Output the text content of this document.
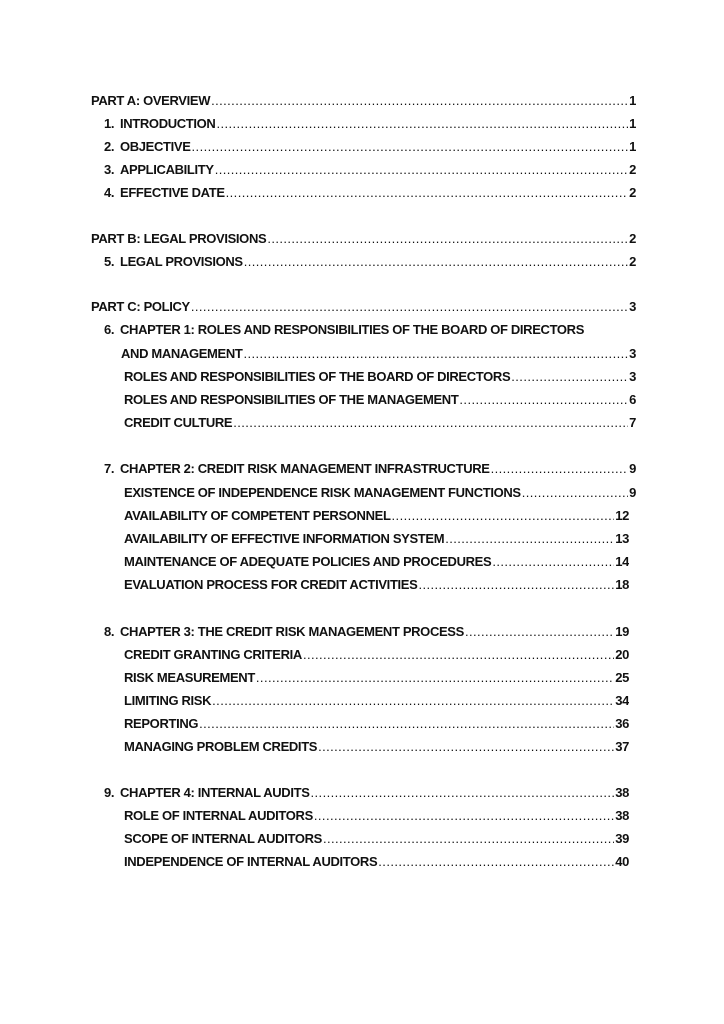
PART A: OVERVIEW .....	1
1. INTRODUCTION .....	1
2. OBJECTIVE .....	1
3. APPLICABILITY .....	2
4. EFFECTIVE DATE .....	2
PART B: LEGAL PROVISIONS .....	2
5. LEGAL PROVISIONS .....	2
PART C: POLICY .....	3
6. CHAPTER 1: ROLES AND RESPONSIBILITIES OF THE BOARD OF DIRECTORS
AND MANAGEMENT .....	3
ROLES AND RESPONSIBILITIES OF THE BOARD OF DIRECTORS .....	3
ROLES AND RESPONSIBILITIES OF THE MANAGEMENT .....	6
CREDIT CULTURE .....	7
7. CHAPTER 2: CREDIT RISK MANAGEMENT INFRASTRUCTURE .....	9
EXISTENCE OF INDEPENDENCE RISK MANAGEMENT FUNCTIONS .....	9
AVAILABILITY OF COMPETENT PERSONNEL .....	12
AVAILABILITY OF EFFECTIVE INFORMATION SYSTEM .....	13
MAINTENANCE OF ADEQUATE POLICIES AND PROCEDURES .....	14
EVALUATION PROCESS FOR CREDIT ACTIVITIES .....	18
8. CHAPTER 3: THE CREDIT RISK MANAGEMENT PROCESS .....	19
CREDIT GRANTING CRITERIA .....	20
RISK MEASUREMENT .....	25
LIMITING RISK .....	34
REPORTING .....	36
MANAGING PROBLEM CREDITS .....	37
9. CHAPTER 4: INTERNAL AUDITS .....	38
ROLE OF INTERNAL AUDITORS .....	38
SCOPE OF INTERNAL AUDITORS .....	39
INDEPENDENCE OF INTERNAL AUDITORS .....	40
